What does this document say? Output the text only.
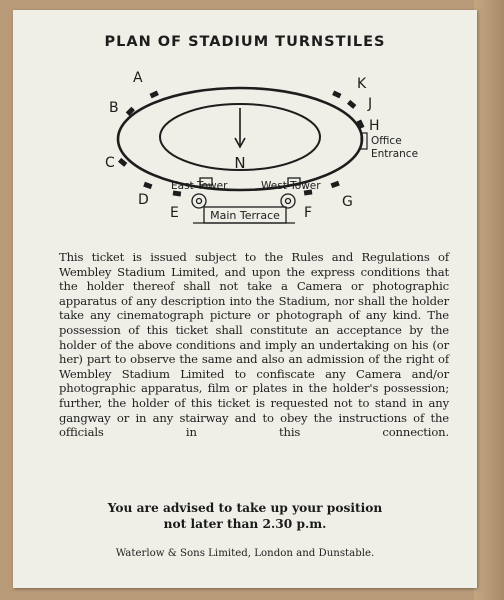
PLAN OF STADIUM TURNSTILES
N
A
B
C
D
E	F
G
H
J
K
Office
Entrance
East Tower	West Tower
Main Terrace

This ticket is issued subject to the Rules and Regulations of Wembley Stadium Limited, and upon the express conditions that the holder thereof shall not take a Camera or photographic apparatus of any description into the Stadium, nor shall the holder take any cinematograph picture or photograph of any kind. The possession of this ticket shall constitute an acceptance by the holder of the above conditions and imply an undertaking on his (or her) part to observe the same and also an admission of the right of Wembley Stadium Limited to confiscate any Camera and/or photographic apparatus, film or plates in the holder's possession; further, the holder of this ticket is requested not to stand in any gangway or in any stairway and to obey the instructions of the officials in this connection.

You are advised to take up your position
not later than 2.30 p.m.
Waterlow & Sons Limited, London and Dunstable.
